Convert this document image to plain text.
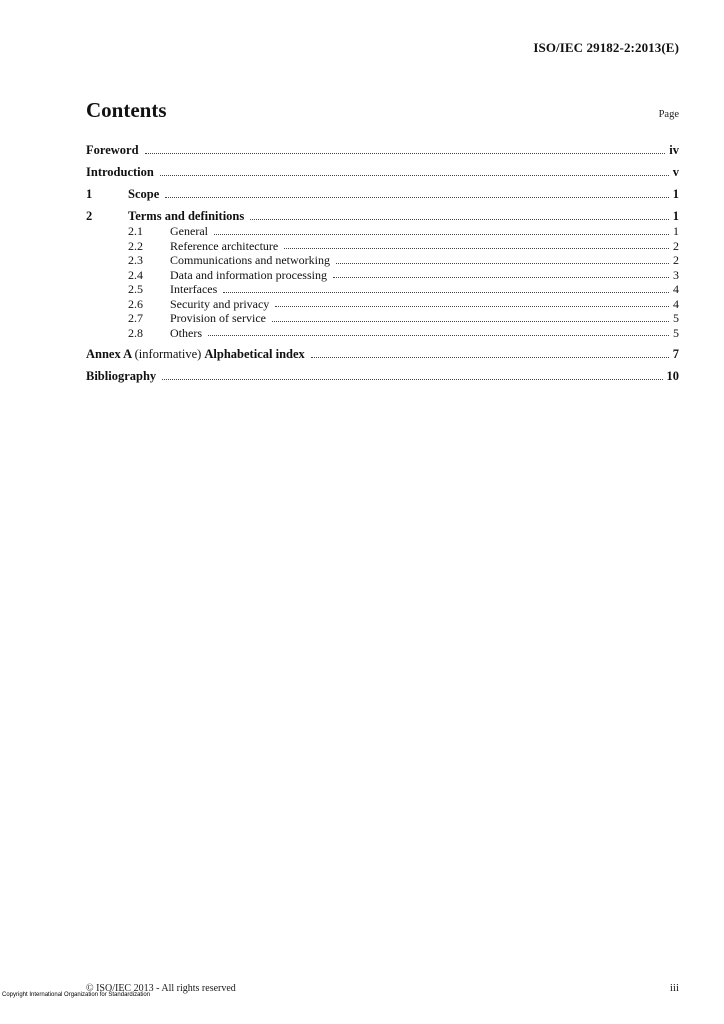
ISO/IEC 29182-2:2013(E)
Contents	Page
Foreword	iv
Introduction	v
1	Scope	1
2	Terms and definitions	1
2.1	General	1
2.2	Reference architecture	2
2.3	Communications and networking	2
2.4	Data and information processing	3
2.5	Interfaces	4
2.6	Security and privacy	4
2.7	Provision of service	5
2.8	Others	5
Annex A (informative) Alphabetical index	7
Bibliography	10
© ISO/IEC 2013 - All rights reserved	iii
Copyright International Organization for Standardization
